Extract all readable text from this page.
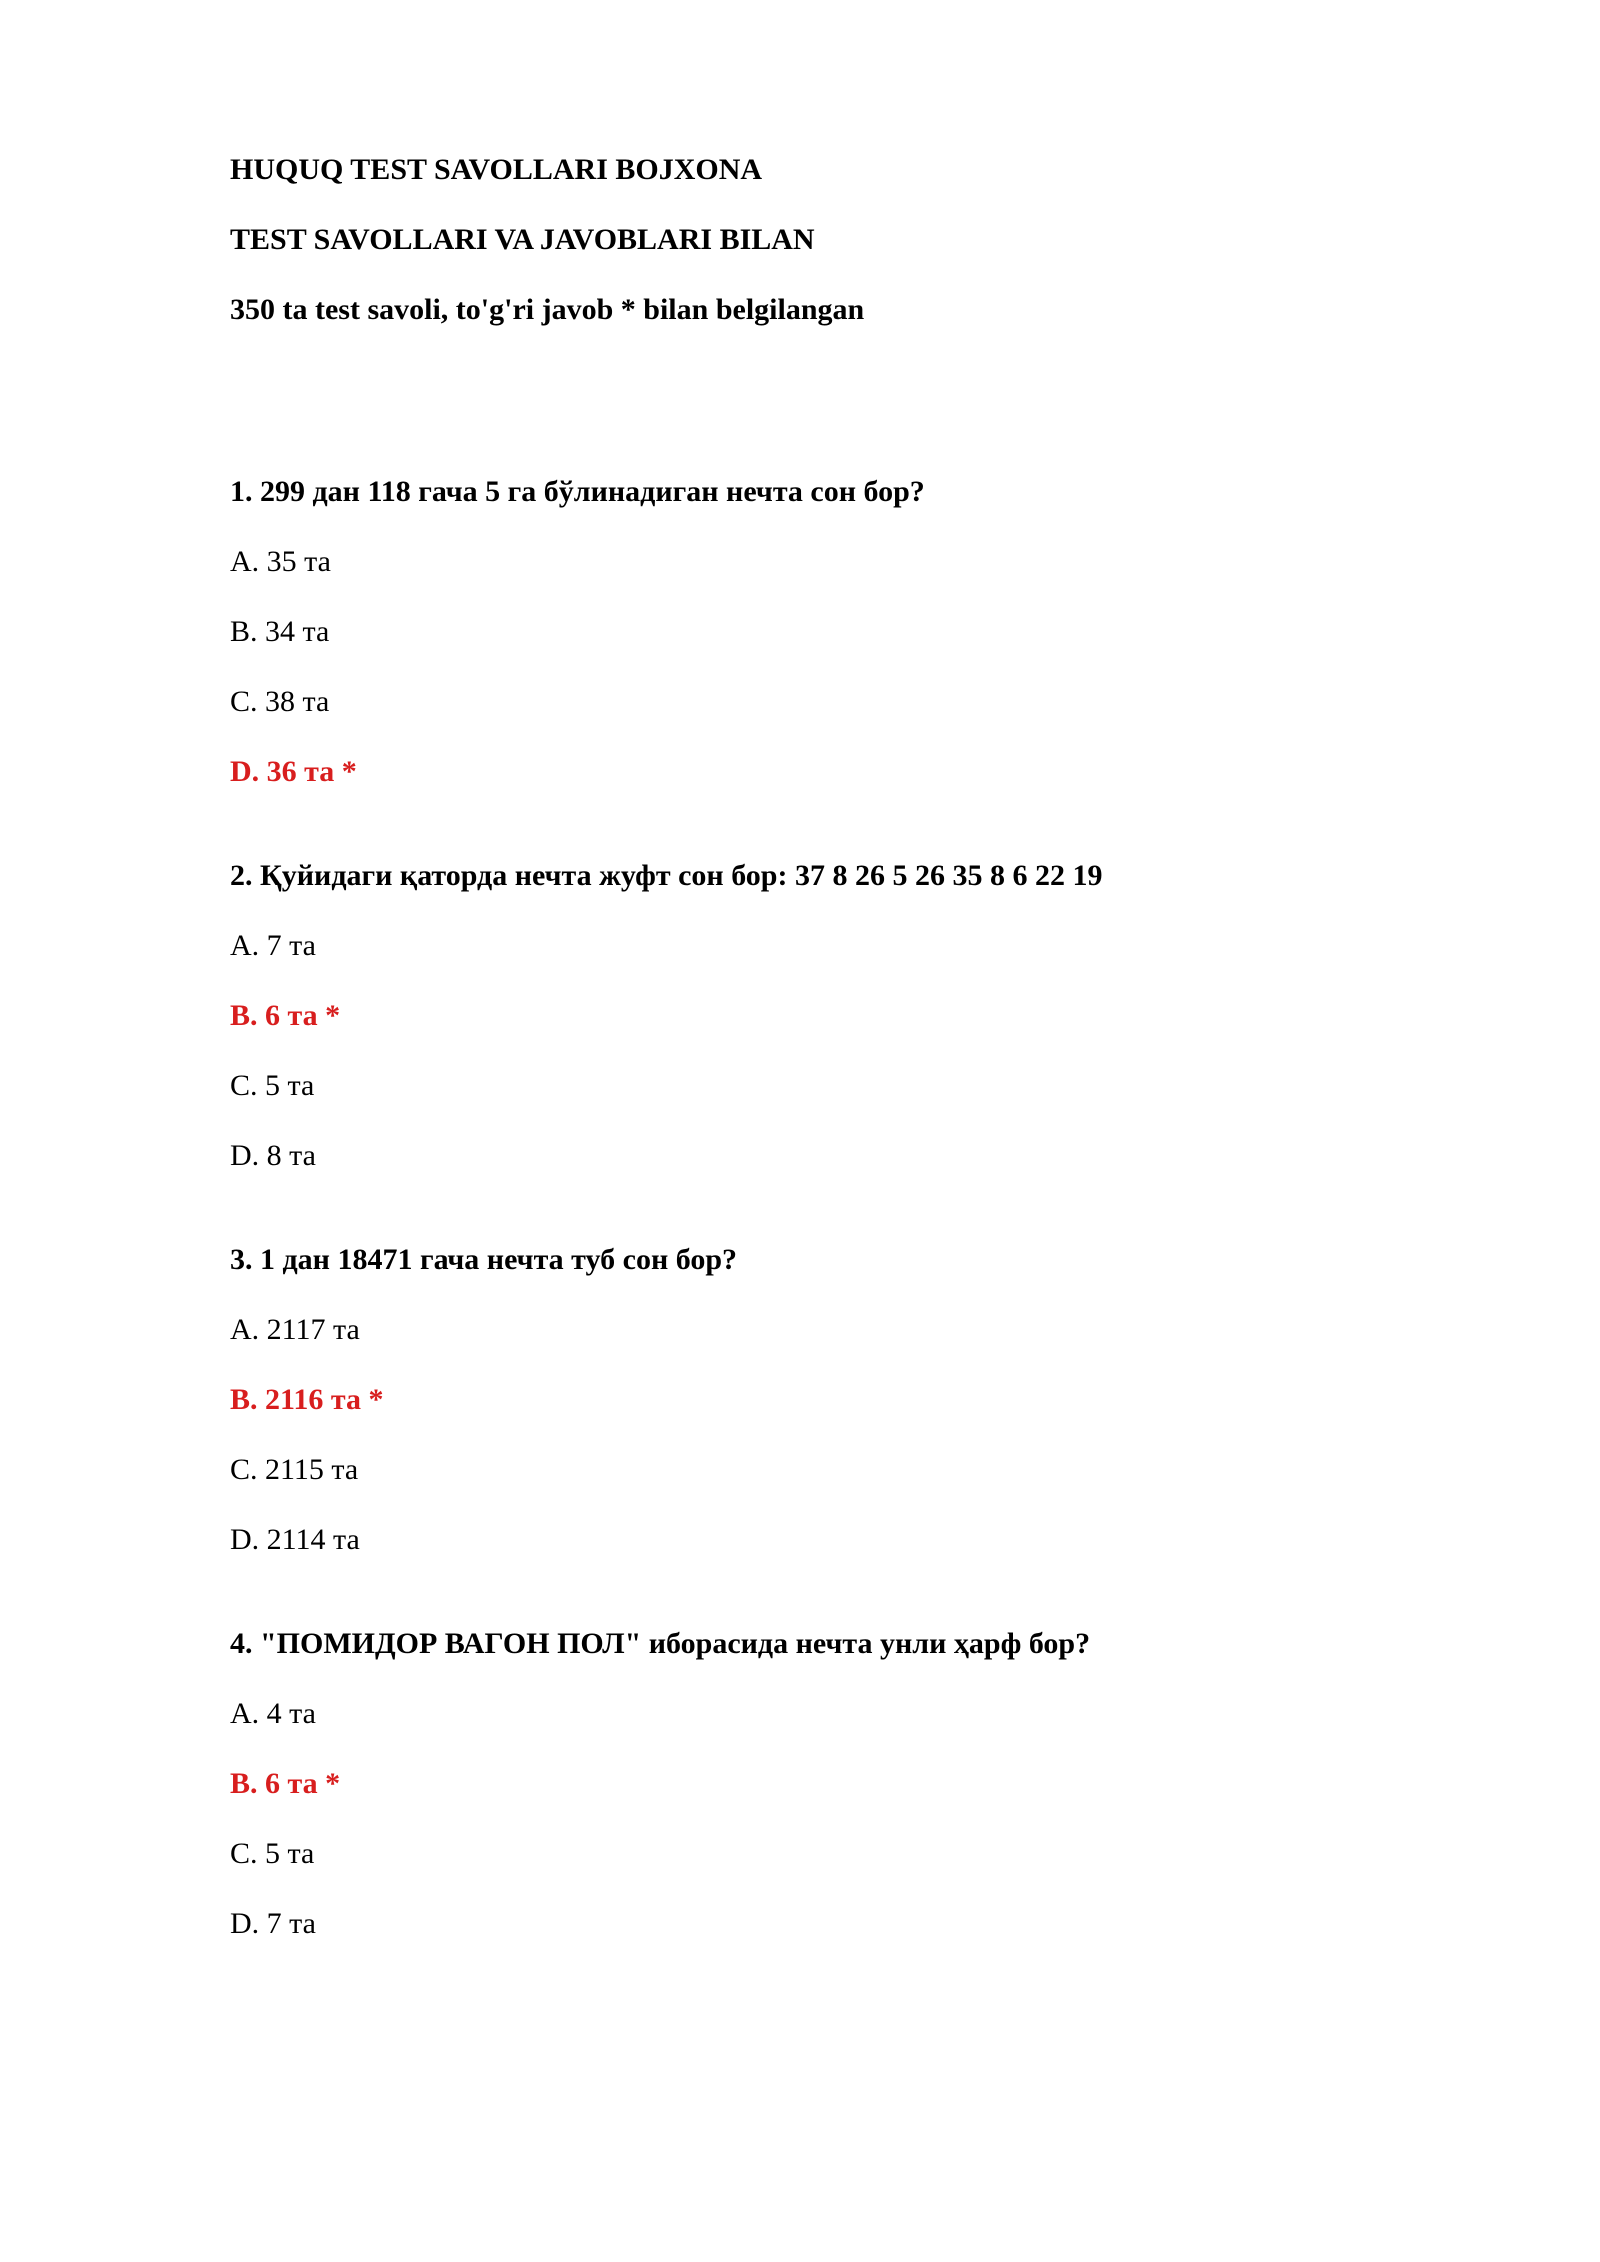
HUQUQ TEST SAVOLLARI BOJXONA
TEST SAVOLLARI VA JAVOBLARI BILAN
350 ta test savoli, to'g'ri javob * bilan belgilangan
1. 299 дан 118 гача 5 га бўлинадиган нечта сон бор?
A. 35 та
B. 34 та
C. 38 та
D. 36 та *
2. Қуйидаги қаторда нечта жуфт сон бор: 37 8 26 5 26 35 8 6 22 19
A. 7 та
B. 6 та *
C. 5 та
D. 8 та
3. 1 дан 18471 гача нечта туб сон бор?
A. 2117 та
B. 2116 та *
C. 2115 та
D. 2114 та
4. "ПОМИДОР ВАГОН ПОЛ" иборасида нечта унли ҳарф бор?
A. 4 та
B. 6 та *
C. 5 та
D. 7 та
